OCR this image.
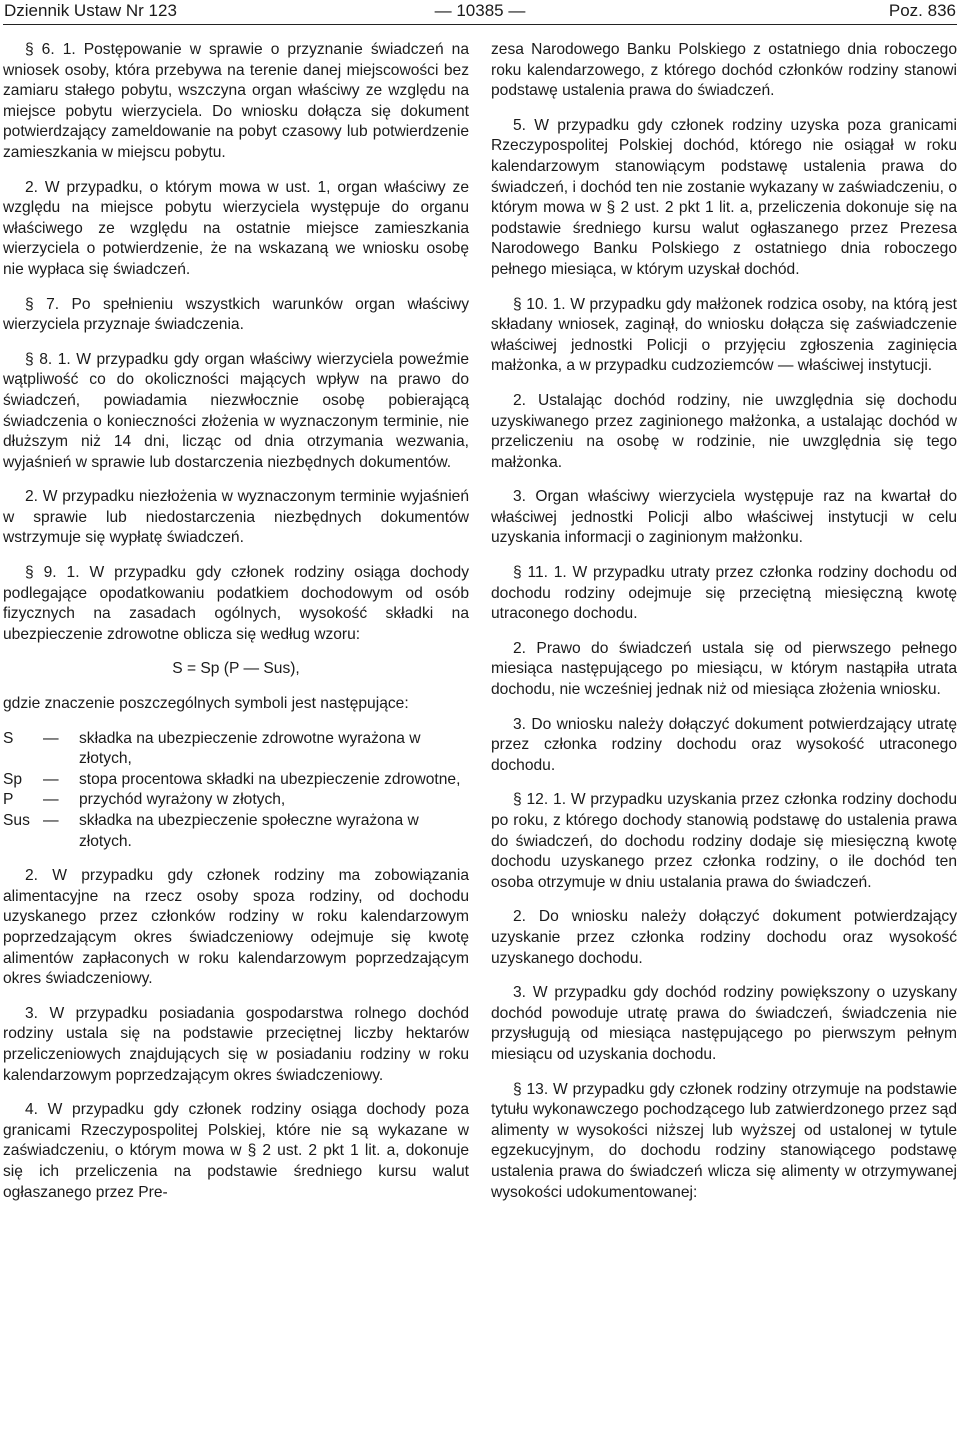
Dziennik Ustaw Nr 123	— 10385 —	Poz. 836

§ 6. 1. Postępowanie w sprawie o przyznanie świadczeń na wniosek osoby, która przebywa na terenie danej miejscowości bez zamiaru stałego pobytu, wszczyna organ właściwy ze względu na miejsce pobytu wierzyciela. Do wniosku dołącza się dokument potwierdzający zameldowanie na pobyt czasowy lub potwierdzenie zamieszkania w miejscu pobytu.

2. W przypadku, o którym mowa w ust. 1, organ właściwy ze względu na miejsce pobytu wierzyciela występuje do organu właściwego ze względu na ostatnie miejsce zamieszkania wierzyciela o potwierdzenie, że na wskazaną we wniosku osobę nie wypłaca się świadczeń.

§ 7. Po spełnieniu wszystkich warunków organ właściwy wierzyciela przyznaje świadczenia.

§ 8. 1. W przypadku gdy organ właściwy wierzyciela poweźmie wątpliwość co do okoliczności mających wpływ na prawo do świadczeń, powiadamia niezwłocznie osobę pobierającą świadczenia o konieczności złożenia w wyznaczonym terminie, nie dłuższym niż 14 dni, licząc od dnia otrzymania wezwania, wyjaśnień w sprawie lub dostarczenia niezbędnych dokumentów.

2. W przypadku niezłożenia w wyznaczonym terminie wyjaśnień w sprawie lub niedostarczenia niezbędnych dokumentów wstrzymuje się wypłatę świadczeń.

§ 9. 1. W przypadku gdy członek rodziny osiąga dochody podlegające opodatkowaniu podatkiem dochodowym od osób fizycznych na zasadach ogólnych, wysokość składki na ubezpieczenie zdrowotne oblicza się według wzoru:

S = Sp (P — Sus),

gdzie znaczenie poszczególnych symboli jest następujące:

S	—	składka na ubezpieczenie zdrowotne wyrażona w złotych,
Sp	—	stopa procentowa składki na ubezpieczenie zdrowotne,
P	—	przychód wyrażony w złotych,
Sus —	składka na ubezpieczenie społeczne wyrażona w złotych.

2. W przypadku gdy członek rodziny ma zobowiązania alimentacyjne na rzecz osoby spoza rodziny, od dochodu uzyskanego przez członków rodziny w roku kalendarzowym poprzedzającym okres świadczeniowy odejmuje się kwotę alimentów zapłaconych w roku kalendarzowym poprzedzającym okres świadczeniowy.

3. W przypadku posiadania gospodarstwa rolnego dochód rodziny ustala się na podstawie przeciętnej liczby hektarów przeliczeniowych znajdujących się w posiadaniu rodziny w roku kalendarzowym poprzedzającym okres świadczeniowy.

4. W przypadku gdy członek rodziny osiąga dochody poza granicami Rzeczypospolitej Polskiej, które nie są wykazane w zaświadczeniu, o którym mowa w § 2 ust. 2 pkt 1 lit. a, dokonuje się ich przeliczenia na podstawie średniego kursu walut ogłaszanego przez Pre-

zesa Narodowego Banku Polskiego z ostatniego dnia roboczego roku kalendarzowego, z którego dochód członków rodziny stanowi podstawę ustalenia prawa do świadczeń.

5. W przypadku gdy członek rodziny uzyska poza granicami Rzeczypospolitej Polskiej dochód, którego nie osiągał w roku kalendarzowym stanowiącym podstawę ustalenia prawa do świadczeń, i dochód ten nie zostanie wykazany w zaświadczeniu, o którym mowa w § 2 ust. 2 pkt 1 lit. a, przeliczenia dokonuje się na podstawie średniego kursu walut ogłaszanego przez Prezesa Narodowego Banku Polskiego z ostatniego dnia roboczego pełnego miesiąca, w którym uzyskał dochód.

§ 10. 1. W przypadku gdy małżonek rodzica osoby, na którą jest składany wniosek, zaginął, do wniosku dołącza się zaświadczenie właściwej jednostki Policji o przyjęciu zgłoszenia zaginięcia małżonka, a w przypadku cudzoziemców — właściwej instytucji.

2. Ustalając dochód rodziny, nie uwzględnia się dochodu uzyskiwanego przez zaginionego małżonka, a ustalając dochód w przeliczeniu na osobę w rodzinie, nie uwzględnia się tego małżonka.

3. Organ właściwy wierzyciela występuje raz na kwartał do właściwej jednostki Policji albo właściwej instytucji w celu uzyskania informacji o zaginionym małżonku.

§ 11. 1. W przypadku utraty przez członka rodziny dochodu od dochodu rodziny odejmuje się przeciętną miesięczną kwotę utraconego dochodu.

2. Prawo do świadczeń ustala się od pierwszego pełnego miesiąca następującego po miesiącu, w którym nastąpiła utrata dochodu, nie wcześniej jednak niż od miesiąca złożenia wniosku.

3. Do wniosku należy dołączyć dokument potwierdzający utratę przez członka rodziny dochodu oraz wysokość utraconego dochodu.

§ 12. 1. W przypadku uzyskania przez członka rodziny dochodu po roku, z którego dochody stanowią podstawę do ustalenia prawa do świadczeń, do dochodu rodziny dodaje się miesięczną kwotę dochodu uzyskanego przez członka rodziny, o ile dochód ten osoba otrzymuje w dniu ustalania prawa do świadczeń.

2. Do wniosku należy dołączyć dokument potwierdzający uzyskanie przez członka rodziny dochodu oraz wysokość uzyskanego dochodu.

3. W przypadku gdy dochód rodziny powiększony o uzyskany dochód powoduje utratę prawa do świadczeń, świadczenia nie przysługują od miesiąca następującego po pierwszym pełnym miesiącu od uzyskania dochodu.

§ 13. W przypadku gdy członek rodziny otrzymuje na podstawie tytułu wykonawczego pochodzącego lub zatwierdzonego przez sąd alimenty w wysokości niższej lub wyższej od ustalonej w tytule egzekucyjnym, do dochodu rodziny stanowiącego podstawę ustalenia prawa do świadczeń wlicza się alimenty w otrzymywanej wysokości udokumentowanej:
